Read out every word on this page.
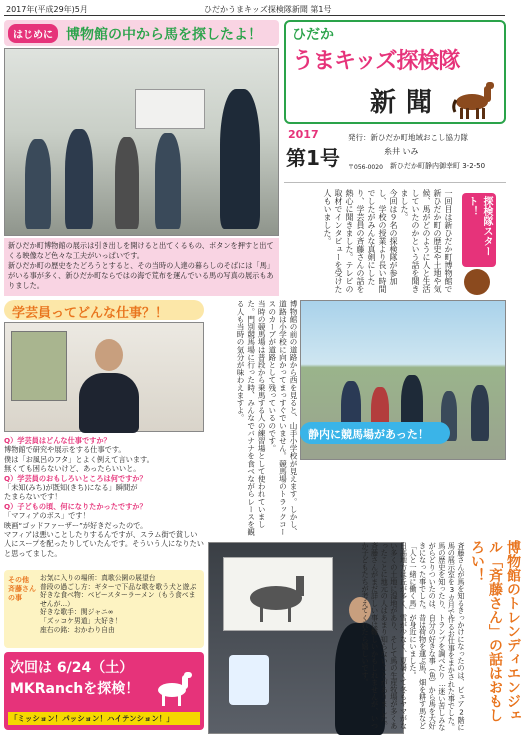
2017年(平成29年)5月	ひだかうまキッズ探検隊新聞 第1号
はじめに 博物館の中から馬を探したよ！
新ひだか町博物館の展示は引き出しを開けると出てくるもの、ボタンを押すと出てくる映像など色々な工夫がいっぱいです。
新ひだか町の歴史をたどろうとすると、その当時の人達の暮らしのそばには「馬」がいる事が多く、新ひだか町ならではの海で荒布を運んでいる馬の写真の展示もありました。
ひだか
うまキッズ探検隊
新聞
2017
第1号
発行：新ひだか町地域おこし協力隊
糸井 いみ
〒056-0020 新ひだか町静内御幸町 3-2-50
一回目は新ひだか町博物館で新ひだか町の歴史や土地や気候、馬がどのように人と生活していたのかという話を聞きました。
今回は９名の探検隊が参加し、学校の授業より長い時間でしたがみんな真剣にしたり、学芸員の斉藤さんの話を熱心に聞きました。テレビの取材でインタビューを受けた人もいました。	探検隊スタート！
学芸員ってどんな仕事？！
Q）学芸員はどんな仕事ですか？
博物館で研究や展示をする仕事です。
僕は「お風呂のフタ」とよく例えて言います。
無くても困らないけど、あったらいいと。
Q）学芸員のおもしろいところは何ですか？
「未知(みち)が既知(きち)になる」瞬間が
たまらないです！
Q）子どもの頃、何になりたかったですか？
「マフィアのボス」です！
映画“ゴッドファーザー”が好きだったので。
マフィアは悪いことしたりするんですが、スラム街で貧しい人にスープを配ったりしていたんです。そういう人になりたいと思ってました。
その他 斉藤さんの事
お気に入りの場所：真歌公園の展望台
普段の過ごし方：ギターで下品な歌を歌う犬と遊ぶ
好きな食べ物：ベビースターラーメン（もう食べませんが…）
好きな歌手：関ジャニ∞
「ズッコケ男道」大好き！
座右の銘：おかわり自由
次回は 6/24（土）
MKRanchを探検！
「ミッション！パッション！ハイテンション！」
博物館の前の道路から西を見ると、山手小学校が見えます。しかし、道路は小学校に向かってまっすぐでいません。競馬場のトラックコースのカーブが道路として残っているのです。
当時の競馬場は普段から乗馬する人の練習場として使われていました。門別競馬場に行った時、みんなでバナナを食べながらレースを観る人も当時の気分が味わえますよ。
静内に競馬場があった！
斉藤さんが馬を知るきっかけになったのは、ビュア2階に馬の展示室を3カ月で作るお仕事をまかされた事でした。
馬の歴史を知ったり、トランプを調べたり…迷い苦しみながらどりついたのは、自分の好きな事（魚）から馬を大好きになった事でした。昔は荷物を運ぶ馬、畑を耕す馬など「人と一緒に働く馬」が身近にいました。
日高地方は丘が多く、雪が少なく、夏暑くて冬もヤマがない多くの土地に湿地があり、そして馬の生産牧場が多くあったことに地元の人はあまり知らないことがありました。
斉藤さんがまだ詳しい事は難しいかもしれませんが、いつか子どもたちが考えてくれたら嬉しいです。	博物館のトレンディエンジェル「斉藤さん」の話はおもしろい！
